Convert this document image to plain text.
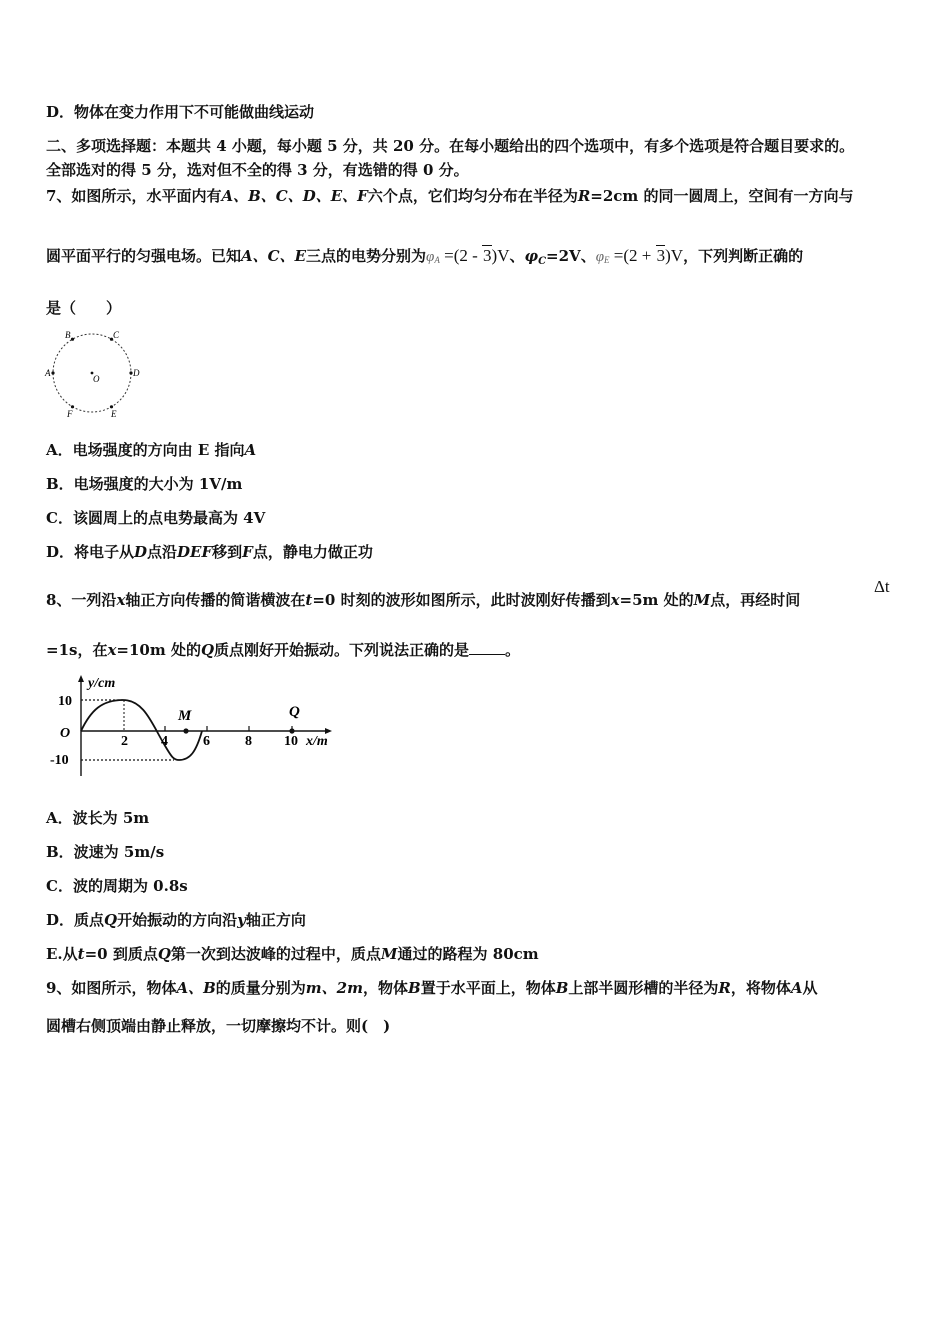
D．物体在变力作用下不可能做曲线运动
二、多项选择题：本题共 4 小题，每小题 5 分，共 20 分。在每小题给出的四个选项中，有多个选项是符合题目要求的。
全部选对的得 5 分，选对但不全的得 3 分，有选错的得 0 分。
7、如图所示，水平面内有A、B、C、D、E、F六个点，它们均匀分布在半径为R=2cm 的同一圆周上，空间有一方向与
圆平面平行的匀强电场。已知A、C、E三点的电势分别为$\varphi_A =(2 - 3)V$、$\varphi_C=2V$、$\varphi_E =(2 + 3)V$，下列判断正确的
是（　　）
A
B	C
D
E
F
O
A．电场强度的方向由 E 指向A
B．电场强度的大小为 1V/m
C．该圆周上的点电势最高为 4V
D．将电子从D点沿DEF移到F点，静电力做正功
8、一列沿x轴正方向传播的简谐横波在t=0 时刻的波形如图所示，此时波刚好传播到x=5m 处的M点，再经时间
Δt
=1s，在x=10m 处的Q质点刚好开始振动。下列说法正确的是 。
y/cm
10
O
-10
2 4	6	8 10 x/m
M	Q
A．波长为 5m
B．波速为 5m/s
C．波的周期为 0.8s
D．质点Q开始振动的方向沿y轴正方向
E.从t=0 到质点Q第一次到达波峰的过程中，质点M通过的路程为 80cm
9、如图所示，物体A、B的质量分别为m、2m，物体B置于水平面上，物体B上部半圆形槽的半径为R，将物体A从
圆槽右侧顶端由静止释放，一切摩擦均不计。则(　)
